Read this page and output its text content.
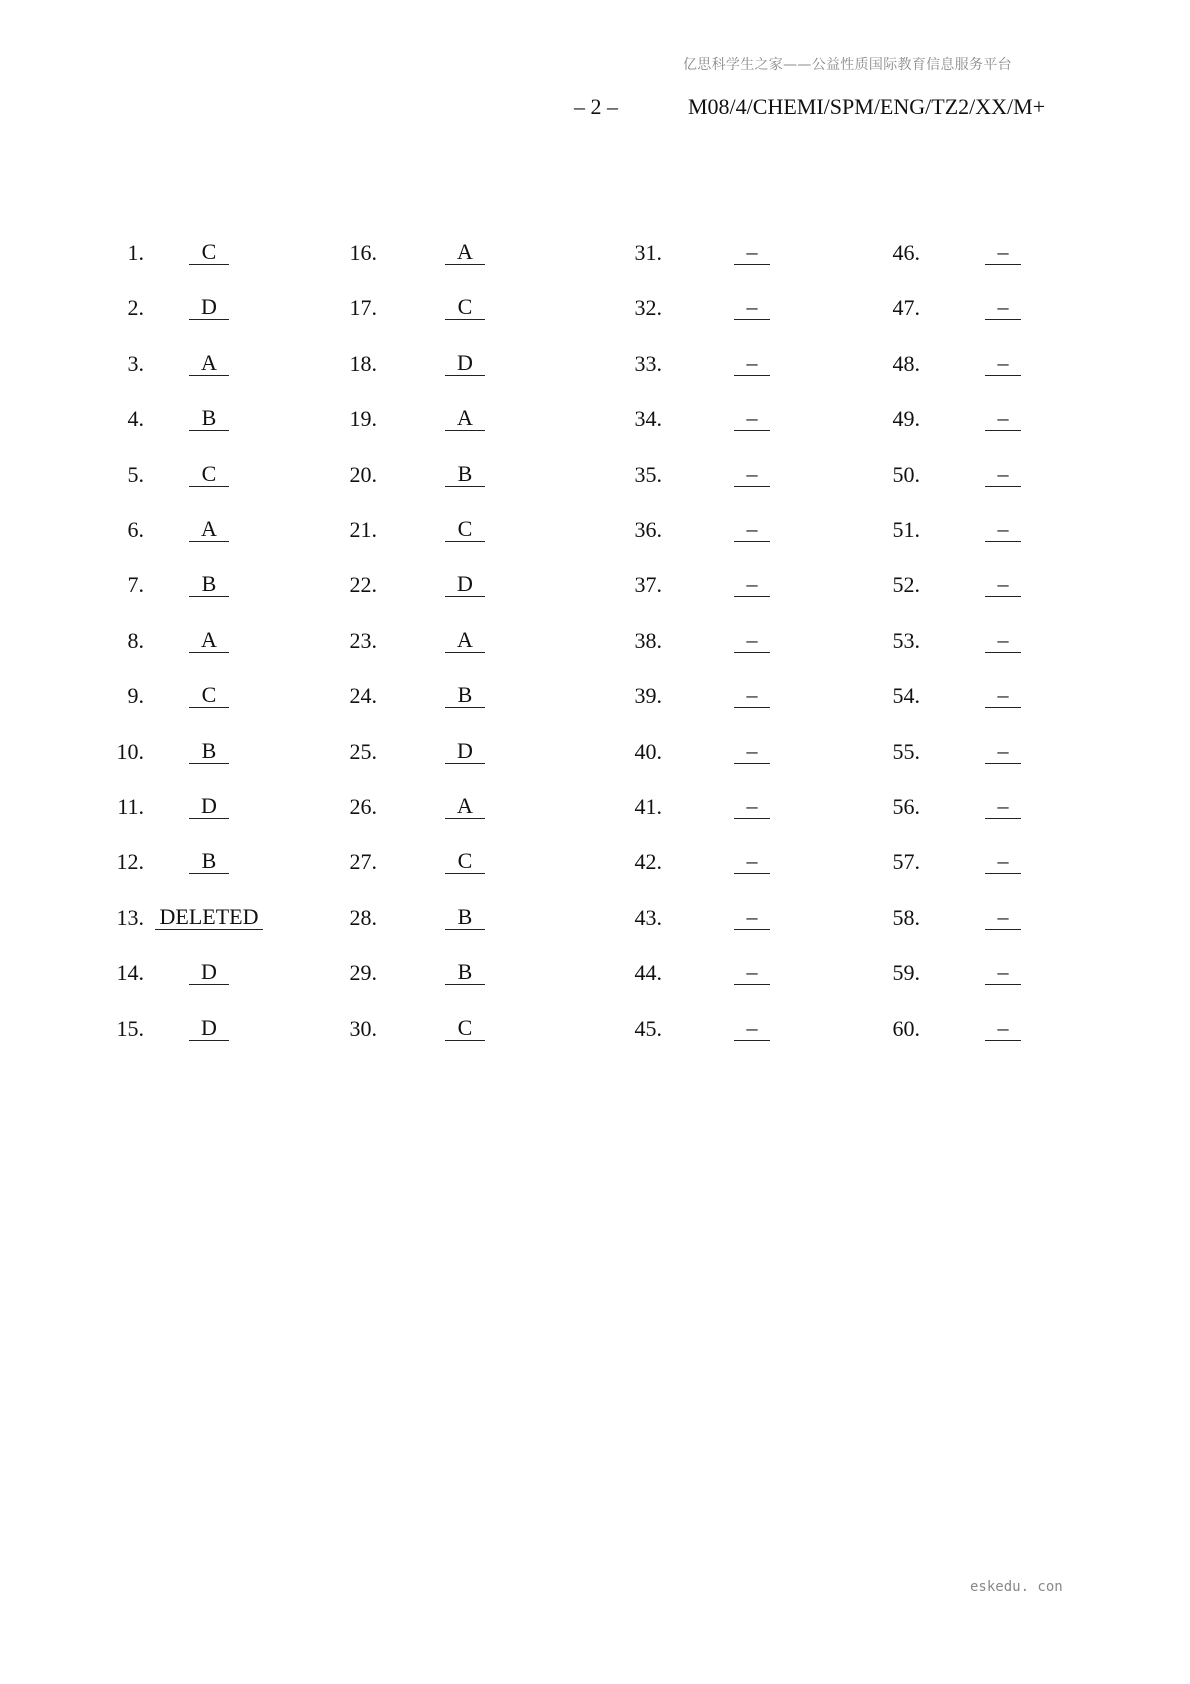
亿思科学生之家——公益性质国际教育信息服务平台
– 2 –	M08/4/CHEMI/SPM/ENG/TZ2/XX/M+
1.	C	16.	A	31.	–	46.	–
2.	D	17.	C	32.	–	47.	–
3.	A	18.	D	33.	–	48.	–
4.	B	19.	A	34.	–	49.	–
5.	C	20.	B	35.	–	50.	–
6.	A	21.	C	36.	–	51.	–
7.	B	22.	D	37.	–	52.	–
8.	A	23.	A	38.	–	53.	–
9.	C	24.	B	39.	–	54.	–
10.	B	25.	D	40.	–	55.	–
11.	D	26.	A	41.	–	56.	–
12.	B	27.	C	42.	–	57.	–
13. DELETED	28.	B	43.	–	58.	–
14.	D	29.	B	44.	–	59.	–
15.	D	30.	C	45.	–	60.	–
eskedu. con
